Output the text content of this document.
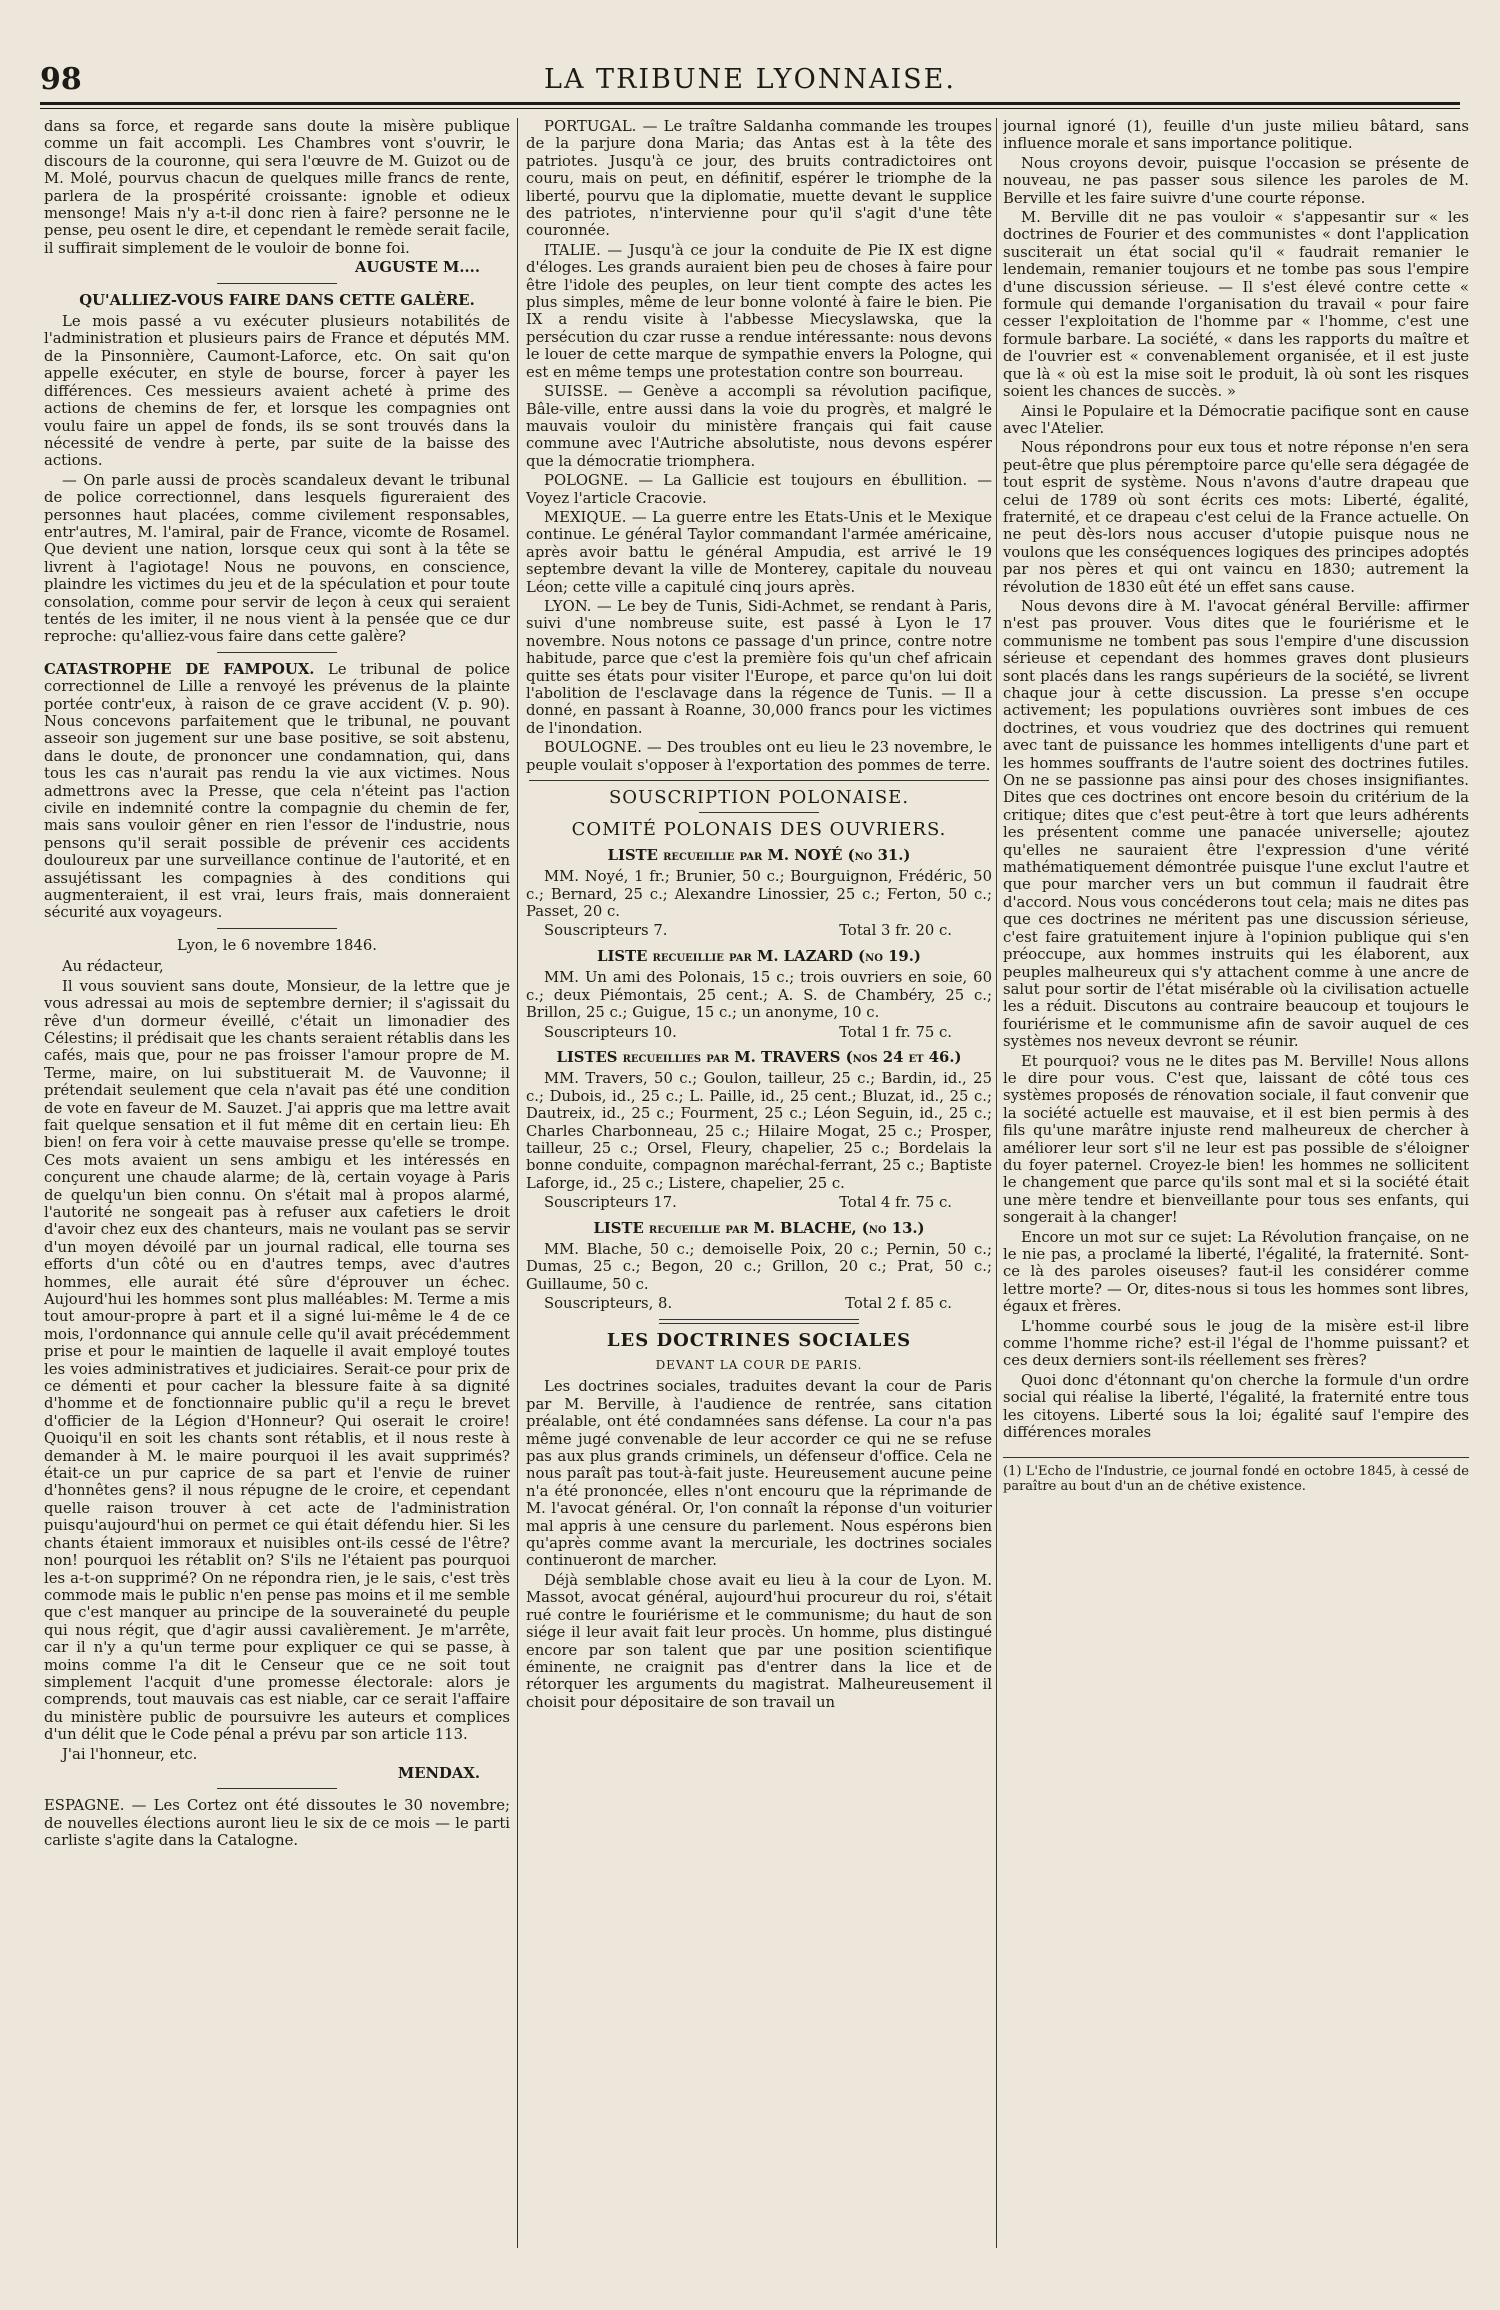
98	LA TRIBUNE LYONNAISE.

dans sa force, et regarde sans doute la misère publique comme un fait accompli. Les Chambres vont s'ouvrir, le discours de la couronne, qui sera l'œuvre de M. Guizot ou de M. Molé, pourvus chacun de quelques mille francs de rente, parlera de la prospérité croissante: ignoble et odieux mensonge! Mais n'y a-t-il donc rien à faire? personne ne le pense, peu osent le dire, et cependant le remède serait facile, il suffirait simplement de le vouloir de bonne foi.

AUGUSTE M....

QU'ALLIEZ-VOUS FAIRE DANS CETTE GALÈRE.

Le mois passé a vu exécuter plusieurs notabilités de l'administration et plusieurs pairs de France et députés MM. de la Pinsonnière, Caumont-Laforce, etc. On sait qu'on appelle exécuter, en style de bourse, forcer à payer les différences. Ces messieurs avaient acheté à prime des actions de chemins de fer, et lorsque les compagnies ont voulu faire un appel de fonds, ils se sont trouvés dans la nécessité de vendre à perte, par suite de la baisse des actions.

— On parle aussi de procès scandaleux devant le tribunal de police correctionnel, dans lesquels figureraient des personnes haut placées, comme civilement responsables, entr'autres, M. l'amiral, pair de France, vicomte de Rosamel. Que devient une nation, lorsque ceux qui sont à la tête se livrent à l'agiotage! Nous ne pouvons, en conscience, plaindre les victimes du jeu et de la spéculation et pour toute consolation, comme pour servir de leçon à ceux qui seraient tentés de les imiter, il ne nous vient à la pensée que ce dur reproche: qu'alliez-vous faire dans cette galère?

CATASTROPHE DE FAMPOUX. Le tribunal de police correctionnel de Lille a renvoyé les prévenus de la plainte portée contr'eux, à raison de ce grave accident (V. p. 90). Nous concevons parfaitement que le tribunal, ne pouvant asseoir son jugement sur une base positive, se soit abstenu, dans le doute, de prononcer une condamnation, qui, dans tous les cas n'aurait pas rendu la vie aux victimes. Nous admettrons avec la Presse, que cela n'éteint pas l'action civile en indemnité contre la compagnie du chemin de fer, mais sans vouloir gêner en rien l'essor de l'industrie, nous pensons qu'il serait possible de prévenir ces accidents douloureux par une surveillance continue de l'autorité, et en assujétissant les compagnies à des conditions qui augmenteraient, il est vrai, leurs frais, mais donneraient sécurité aux voyageurs.

Lyon, le 6 novembre 1846.

Au rédacteur,

Il vous souvient sans doute, Monsieur, de la lettre que je vous adressai au mois de septembre dernier; il s'agissait du rêve d'un dormeur éveillé, c'était un limonadier des Célestins; il prédisait que les chants seraient rétablis dans les cafés, mais que, pour ne pas froisser l'amour propre de M. Terme, maire, on lui substituerait M. de Vauvonne; il prétendait seulement que cela n'avait pas été une condition de vote en faveur de M. Sauzet. J'ai appris que ma lettre avait fait quelque sensation et il fut même dit en certain lieu: Eh bien! on fera voir à cette mauvaise presse qu'elle se trompe. Ces mots avaient un sens ambigu et les intéressés en conçurent une chaude alarme; de là, certain voyage à Paris de quelqu'un bien connu. On s'était mal à propos alarmé, l'autorité ne songeait pas à refuser aux cafetiers le droit d'avoir chez eux des chanteurs, mais ne voulant pas se servir d'un moyen dévoilé par un journal radical, elle tourna ses efforts d'un côté ou en d'autres temps, avec d'autres hommes, elle aurait été sûre d'éprouver un échec. Aujourd'hui les hommes sont plus malléables: M. Terme a mis tout amour-propre à part et il a signé lui-même le 4 de ce mois, l'ordonnance qui annule celle qu'il avait précédemment prise et pour le maintien de laquelle il avait employé toutes les voies administratives et judiciaires. Serait-ce pour prix de ce démenti et pour cacher la blessure faite à sa dignité d'homme et de fonctionnaire public qu'il a reçu le brevet d'officier de la Légion d'Honneur? Qui oserait le croire! Quoiqu'il en soit les chants sont rétablis, et il nous reste à demander à M. le maire pourquoi il les avait supprimés? était-ce un pur caprice de sa part et l'envie de ruiner d'honnêtes gens? il nous répugne de le croire, et cependant quelle raison trouver à cet acte de l'administration puisqu'aujourd'hui on permet ce qui était défendu hier. Si les chants étaient immoraux et nuisibles ont-ils cessé de l'être? non! pourquoi les rétablit on? S'ils ne l'étaient pas pourquoi les a-t-on supprimé? On ne répondra rien, je le sais, c'est très commode mais le public n'en pense pas moins et il me semble que c'est manquer au principe de la souveraineté du peuple qui nous régit, que d'agir aussi cavalièrement. Je m'arrête, car il n'y a qu'un terme pour expliquer ce qui se passe, à moins comme l'a dit le Censeur que ce ne soit tout simplement l'acquit d'une promesse électorale: alors je comprends, tout mauvais cas est niable, car ce serait l'affaire du ministère public de poursuivre les auteurs et complices d'un délit que le Code pénal a prévu par son article 113.

J'ai l'honneur, etc.

MENDAX.

ESPAGNE. — Les Cortez ont été dissoutes le 30 novembre; de nouvelles élections auront lieu le six de ce mois — le parti carliste s'agite dans la Catalogne.

PORTUGAL. — Le traître Saldanha commande les troupes de la parjure dona Maria; das Antas est à la tête des patriotes. Jusqu'à ce jour, des bruits contradictoires ont couru, mais on peut, en définitif, espérer le triomphe de la liberté, pourvu que la diplomatie, muette devant le supplice des patriotes, n'intervienne pour qu'il s'agit d'une tête couronnée.

ITALIE. — Jusqu'à ce jour la conduite de Pie IX est digne d'éloges. Les grands auraient bien peu de choses à faire pour être l'idole des peuples, on leur tient compte des actes les plus simples, même de leur bonne volonté à faire le bien. Pie IX a rendu visite à l'abbesse Miecyslawska, que la persécution du czar russe a rendue intéressante: nous devons le louer de cette marque de sympathie envers la Pologne, qui est en même temps une protestation contre son bourreau.

SUISSE. — Genève a accompli sa révolution pacifique, Bâle-ville, entre aussi dans la voie du progrès, et malgré le mauvais vouloir du ministère français qui fait cause commune avec l'Autriche absolutiste, nous devons espérer que la démocratie triomphera.

POLOGNE. — La Gallicie est toujours en ébullition. — Voyez l'article Cracovie.

MEXIQUE. — La guerre entre les Etats-Unis et le Mexique continue. Le général Taylor commandant l'armée américaine, après avoir battu le général Ampudia, est arrivé le 19 septembre devant la ville de Monterey, capitale du nouveau Léon; cette ville a capitulé cinq jours après.

LYON. — Le bey de Tunis, Sidi-Achmet, se rendant à Paris, suivi d'une nombreuse suite, est passé à Lyon le 17 novembre. Nous notons ce passage d'un prince, contre notre habitude, parce que c'est la première fois qu'un chef africain quitte ses états pour visiter l'Europe, et parce qu'on lui doit l'abolition de l'esclavage dans la régence de Tunis. — Il a donné, en passant à Roanne, 30,000 francs pour les victimes de l'inondation.

BOULOGNE. — Des troubles ont eu lieu le 23 novembre, le peuple voulait s'opposer à l'exportation des pommes de terre.

SOUSCRIPTION POLONAISE.

COMITÉ POLONAIS DES OUVRIERS.

LISTE recueillie par M. NOYÉ (no 31.)

MM. Noyé, 1 fr.; Brunier, 50 c.; Bourguignon, Frédéric, 50 c.; Bernard, 25 c.; Alexandre Linossier, 25 c.; Ferton, 50 c.; Passet, 20 c.

Souscripteurs 7.	Total 3 fr. 20 c.

LISTE recueillie par M. LAZARD (no 19.)

MM. Un ami des Polonais, 15 c.; trois ouvriers en soie, 60 c.; deux Piémontais, 25 cent.; A. S. de Chambéry, 25 c.; Brillon, 25 c.; Guigue, 15 c.; un anonyme, 10 c.

Souscripteurs 10.	Total 1 fr. 75 c.

LISTES recueillies par M. TRAVERS (nos 24 et 46.)

MM. Travers, 50 c.; Goulon, tailleur, 25 c.; Bardin, id., 25 c.; Dubois, id., 25 c.; L. Paille, id., 25 cent.; Bluzat, id., 25 c.; Dautreix, id., 25 c.; Fourment, 25 c.; Léon Seguin, id., 25 c.; Charles Charbonneau, 25 c.; Hilaire Mogat, 25 c.; Prosper, tailleur, 25 c.; Orsel, Fleury, chapelier, 25 c.; Bordelais la bonne conduite, compagnon maréchal-ferrant, 25 c.; Baptiste Laforge, id., 25 c.; Listere, chapelier, 25 c.

Souscripteurs 17.	Total 4 fr. 75 c.

LISTE recueillie par M. BLACHE, (no 13.)

MM. Blache, 50 c.; demoiselle Poix, 20 c.; Pernin, 50 c.; Dumas, 25 c.; Begon, 20 c.; Grillon, 20 c.; Prat, 50 c.; Guillaume, 50 c.

Souscripteurs, 8.	Total 2 f. 85 c.

LES DOCTRINES SOCIALES

DEVANT LA COUR DE PARIS.

Les doctrines sociales, traduites devant la cour de Paris par M. Berville, à l'audience de rentrée, sans citation préalable, ont été condamnées sans défense. La cour n'a pas même jugé convenable de leur accorder ce qui ne se refuse pas aux plus grands criminels, un défenseur d'office. Cela ne nous paraît pas tout-à-fait juste. Heureusement aucune peine n'a été prononcée, elles n'ont encouru que la réprimande de M. l'avocat général. Or, l'on connaît la réponse d'un voiturier mal appris à une censure du parlement. Nous espérons bien qu'après comme avant la mercuriale, les doctrines sociales continueront de marcher.

Déjà semblable chose avait eu lieu à la cour de Lyon. M. Massot, avocat général, aujourd'hui procureur du roi, s'était rué contre le fouriérisme et le communisme; du haut de son siége il leur avait fait leur procès. Un homme, plus distingué encore par son talent que par une position scientifique éminente, ne craignit pas d'entrer dans la lice et de rétorquer les arguments du magistrat. Malheureusement il choisit pour dépositaire de son travail un

journal ignoré (1), feuille d'un juste milieu bâtard, sans influence morale et sans importance politique.

Nous croyons devoir, puisque l'occasion se présente de nouveau, ne pas passer sous silence les paroles de M. Berville et les faire suivre d'une courte réponse.

M. Berville dit ne pas vouloir « s'appesantir sur « les doctrines de Fourier et des communistes « dont l'application susciterait un état social qu'il « faudrait remanier le lendemain, remanier toujours et ne tombe pas sous l'empire d'une discussion sérieuse. — Il s'est élevé contre cette « formule qui demande l'organisation du travail « pour faire cesser l'exploitation de l'homme par « l'homme, c'est une formule barbare. La société, « dans les rapports du maître et de l'ouvrier est « convenablement organisée, et il est juste que là « où est la mise soit le produit, là où sont les risques soient les chances de succès. »

Ainsi le Populaire et la Démocratie pacifique sont en cause avec l'Atelier.

Nous répondrons pour eux tous et notre réponse n'en sera peut-être que plus péremptoire parce qu'elle sera dégagée de tout esprit de système. Nous n'avons d'autre drapeau que celui de 1789 où sont écrits ces mots: Liberté, égalité, fraternité, et ce drapeau c'est celui de la France actuelle. On ne peut dès-lors nous accuser d'utopie puisque nous ne voulons que les conséquences logiques des principes adoptés par nos pères et qui ont vaincu en 1830; autrement la révolution de 1830 eût été un effet sans cause.

Nous devons dire à M. l'avocat général Berville: affirmer n'est pas prouver. Vous dites que le fouriérisme et le communisme ne tombent pas sous l'empire d'une discussion sérieuse et cependant des hommes graves dont plusieurs sont placés dans les rangs supérieurs de la société, se livrent chaque jour à cette discussion. La presse s'en occupe activement; les populations ouvrières sont imbues de ces doctrines, et vous voudriez que des doctrines qui remuent avec tant de puissance les hommes intelligents d'une part et les hommes souffrants de l'autre soient des doctrines futiles. On ne se passionne pas ainsi pour des choses insignifiantes. Dites que ces doctrines ont encore besoin du critérium de la critique; dites que c'est peut-être à tort que leurs adhérents les présentent comme une panacée universelle; ajoutez qu'elles ne sauraient être l'expression d'une vérité mathématiquement démontrée puisque l'une exclut l'autre et que pour marcher vers un but commun il faudrait être d'accord. Nous vous concéderons tout cela; mais ne dites pas que ces doctrines ne méritent pas une discussion sérieuse, c'est faire gratuitement injure à l'opinion publique qui s'en préoccupe, aux hommes instruits qui les élaborent, aux peuples malheureux qui s'y attachent comme à une ancre de salut pour sortir de l'état misérable où la civilisation actuelle les a réduit. Discutons au contraire beaucoup et toujours le fouriérisme et le communisme afin de savoir auquel de ces systèmes nos neveux devront se réunir.

Et pourquoi? vous ne le dites pas M. Berville! Nous allons le dire pour vous. C'est que, laissant de côté tous ces systèmes proposés de rénovation sociale, il faut convenir que la société actuelle est mauvaise, et il est bien permis à des fils qu'une marâtre injuste rend malheureux de chercher à améliorer leur sort s'il ne leur est pas possible de s'éloigner du foyer paternel. Croyez-le bien! les hommes ne sollicitent le changement que parce qu'ils sont mal et si la société était une mère tendre et bienveillante pour tous ses enfants, qui songerait à la changer!

Encore un mot sur ce sujet: La Révolution française, on ne le nie pas, a proclamé la liberté, l'égalité, la fraternité. Sont-ce là des paroles oiseuses? faut-il les considérer comme lettre morte? — Or, dites-nous si tous les hommes sont libres, égaux et frères.

L'homme courbé sous le joug de la misère est-il libre comme l'homme riche? est-il l'égal de l'homme puissant? et ces deux derniers sont-ils réellement ses frères?

Quoi donc d'étonnant qu'on cherche la formule d'un ordre social qui réalise la liberté, l'égalité, la fraternité entre tous les citoyens. Liberté sous la loi; égalité sauf l'empire des différences morales

(1) L'Echo de l'Industrie, ce journal fondé en octobre 1845, à cessé de paraître au bout d'un an de chétive existence.
